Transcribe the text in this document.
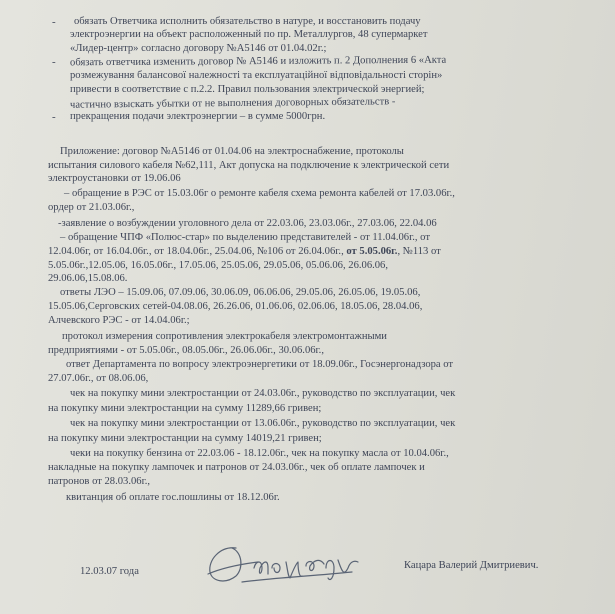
-
-
-
обязать Ответчика исполнить обязательство в натуре, и восстановить подачу
электроэнергии на объект расположенный по пр. Металлургов, 48 супермаркет
«Лидер-центр» согласно договору №А5146 от 01.04.02г.;
обязать ответчика изменить договор № А5146 и изложить п. 2 Дополнения 6 «Акта
розмежування балансової належності та експлуатаційної відповідальності сторін»
привести в соответствие с п.2.2. Правил пользования электрической энергией;
частично взыскать убытки от не выполнения договорных обязательств -
прекращения подачи электроэнергии – в сумме 5000грн.
Приложение: договор №А5146 от 01.04.06 на электроснабжение, протоколы
испытания силового кабеля №62,111, Акт допуска на подключение к электрической сети
электроустановки от 19.06.06
– обращение в РЭС от 15.03.06г о ремонте кабеля схема ремонта кабелей от 17.03.06г.,
ордер от 21.03.06г.,
-заявление о возбуждении уголовного дела от 22.03.06, 23.03.06г., 27.03.06, 22.04.06
– обращение ЧПФ «Полюс-стар» по выделению представителей - от 11.04.06г., от
12.04.06г, от 16.04.06г., от 18.04.06г., 25.04.06, №106 от 26.04.06г., от 5.05.06г., №113 от
5.05.06г.,12.05.06, 16.05.06г., 17.05.06, 25.05.06, 29.05.06, 05.06.06, 26.06.06,
29.06.06,15.08.06.
ответы ЛЭО – 15.09.06, 07.09.06, 30.06.09, 06.06.06, 29.05.06, 26.05.06, 19.05.06,
15.05.06,Серговских сетей-04.08.06, 26.26.06, 01.06.06, 02.06.06, 18.05.06, 28.04.06,
Алчевского РЭС - от 14.04.06г.;
протокол измерения сопротивления электрокабеля электромонтажными
предприятиями - от 5.05.06г., 08.05.06г., 26.06.06г., 30.06.06г.,
ответ Департамента по вопросу электроэнергетики от 18.09.06г., Госэнергонадзора от
27.07.06г., от 08.06.06,
чек на покупку мини электростанции от 24.03.06г., руководство по эксплуатации, чек
на покупку мини электростанции на сумму 11289,66 гривен;
чек на покупку мини электростанции от 13.06.06г., руководство по эксплуатации, чек
на покупку мини электростанции на сумму 14019,21 гривен;
чеки на покупку бензина от 22.03.06 - 18.12.06г., чек на покупку масла от 10.04.06г.,
накладные на покупку лампочек и патронов от 24.03.06г., чек об оплате лампочек и
патронов от 28.03.06г.,
квитанция об оплате гос.пошлины от 18.12.06г.
12.03.07 года
Кацара Валерий Дмитриевич.
